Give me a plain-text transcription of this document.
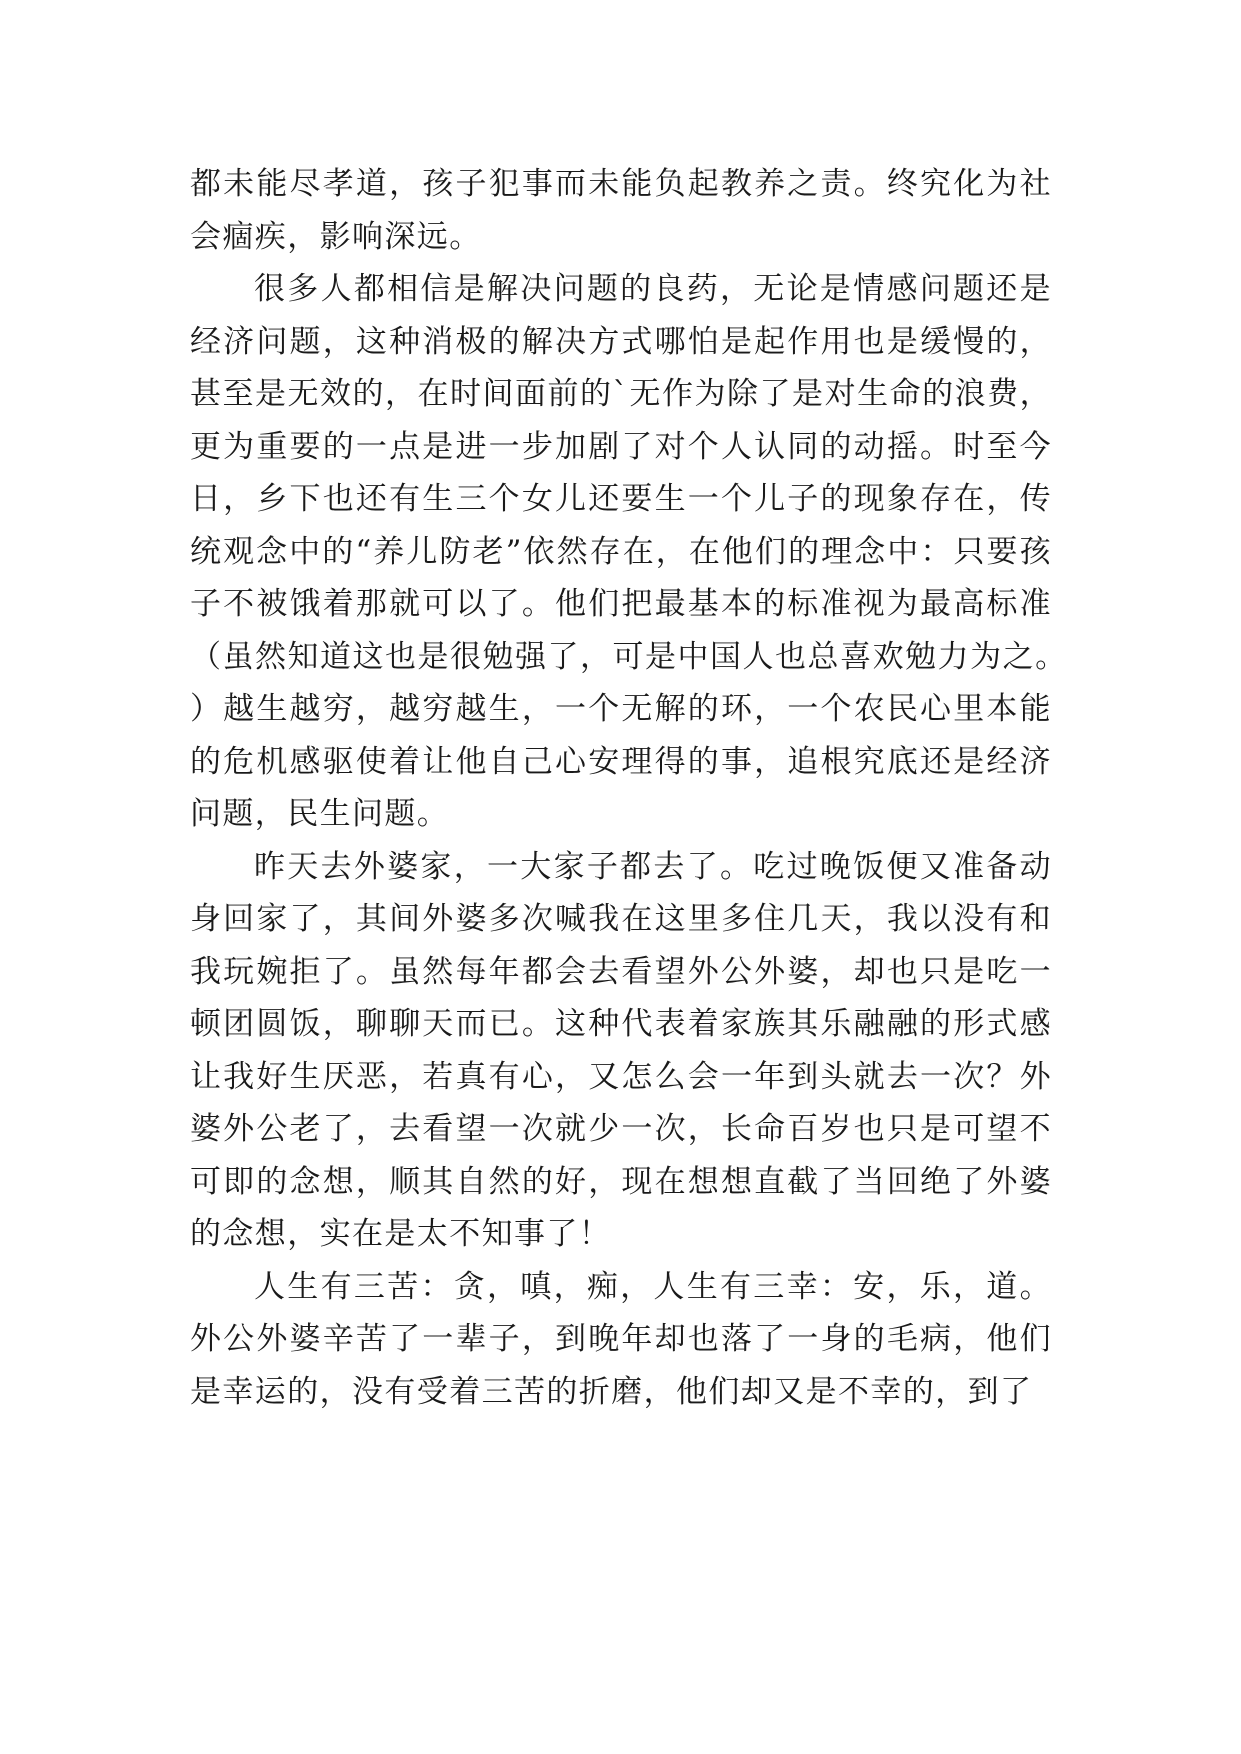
都未能尽孝道，孩子犯事而未能负起教养之责。终究化为社会痼疾，影响深远。

很多人都相信是解决问题的良药，无论是情感问题还是经济问题，这种消极的解决方式哪怕是起作用也是缓慢的，甚至是无效的，在时间面前的`无作为除了是对生命的浪费，更为重要的一点是进一步加剧了对个人认同的动摇。时至今日，乡下也还有生三个女儿还要生一个儿子的现象存在，传统观念中的“养儿防老”依然存在，在他们的理念中：只要孩子不被饿着那就可以了。他们把最基本的标准视为最高标准（虽然知道这也是很勉强了，可是中国人也总喜欢勉力为之。）越生越穷，越穷越生，一个无解的环，一个农民心里本能的危机感驱使着让他自己心安理得的事，追根究底还是经济问题，民生问题。

昨天去外婆家，一大家子都去了。吃过晚饭便又准备动身回家了，其间外婆多次喊我在这里多住几天，我以没有和我玩婉拒了。虽然每年都会去看望外公外婆，却也只是吃一顿团圆饭，聊聊天而已。这种代表着家族其乐融融的形式感让我好生厌恶，若真有心，又怎么会一年到头就去一次？外婆外公老了，去看望一次就少一次，长命百岁也只是可望不可即的念想，顺其自然的好，现在想想直截了当回绝了外婆的念想，实在是太不知事了！

人生有三苦：贪，嗔，痴，人生有三幸：安，乐，道。外公外婆辛苦了一辈子，到晚年却也落了一身的毛病，他们是幸运的，没有受着三苦的折磨，他们却又是不幸的，到了
